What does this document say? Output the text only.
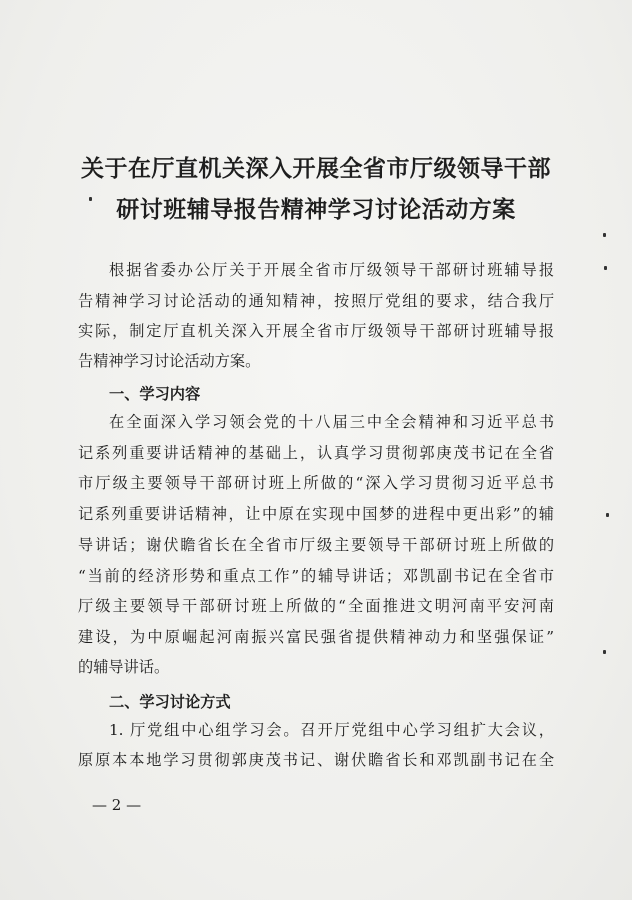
关于在厅直机关深入开展全省市厅级领导干部
研讨班辅导报告精神学习讨论活动方案
根据省委办公厅关于开展全省市厅级领导干部研讨班辅导报
告精神学习讨论活动的通知精神，按照厅党组的要求，结合我厅
实际，制定厅直机关深入开展全省市厅级领导干部研讨班辅导报
告精神学习讨论活动方案。
一、学习内容
在全面深入学习领会党的十八届三中全会精神和习近平总书
记系列重要讲话精神的基础上，认真学习贯彻郭庚茂书记在全省
市厅级主要领导干部研讨班上所做的“深入学习贯彻习近平总书
记系列重要讲话精神，让中原在实现中国梦的进程中更出彩”的辅
导讲话；谢伏瞻省长在全省市厅级主要领导干部研讨班上所做的
“当前的经济形势和重点工作”的辅导讲话；邓凯副书记在全省市
厅级主要领导干部研讨班上所做的“全面推进文明河南平安河南
建设，为中原崛起河南振兴富民强省提供精神动力和坚强保证”
的辅导讲话。
二、学习讨论方式
1. 厅党组中心组学习会。召开厅党组中心学习组扩大会议，
原原本本地学习贯彻郭庚茂书记、谢伏瞻省长和邓凯副书记在全
— 2 —
